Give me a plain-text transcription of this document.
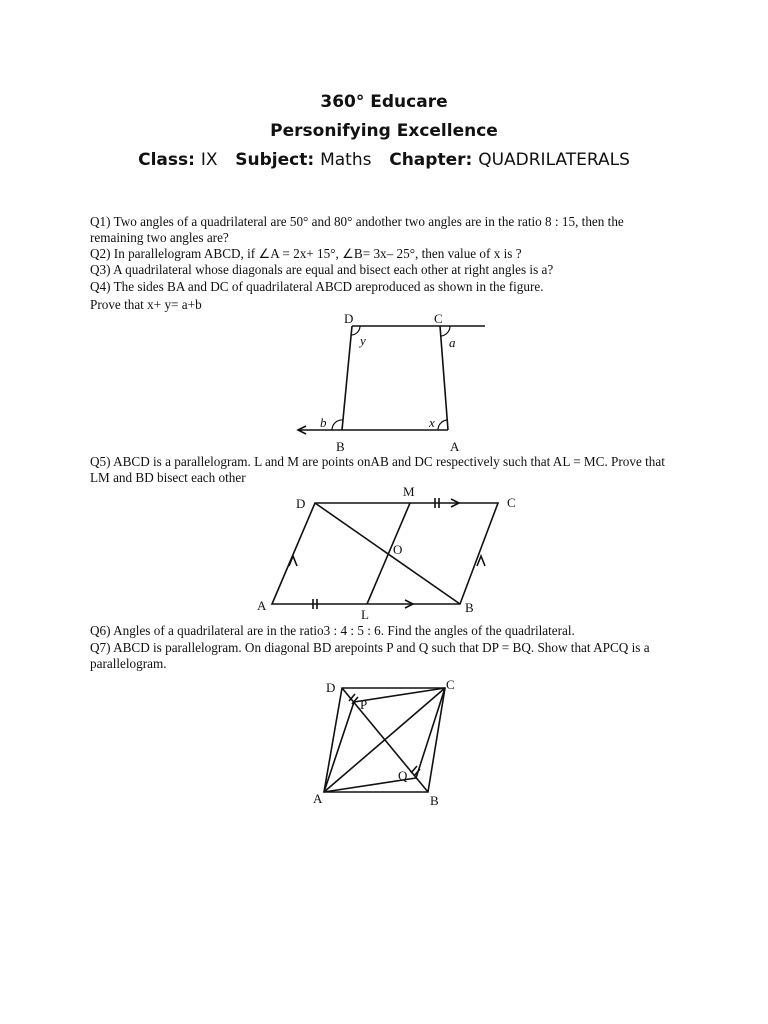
360° Educare
Personifying Excellence
Class: IX Subject: Maths Chapter: QUADRILATERALS
Q1) Two angles of a quadrilateral are 50° and 80° andother two angles are in the ratio 8 : 15, then the remaining two angles are?
Q2) In parallelogram ABCD, if ∠A = 2x+ 15°, ∠B= 3x– 25°, then value of x is ?
Q3) A quadrilateral whose diagonals are equal and bisect each other at right angles is a?
Q4) The sides BA and DC of quadrilateral ABCD areproduced as shown in the figure.
Prove that x+ y= a+b
D	C
y	a
b	x
B	A
Q5) ABCD is a parallelogram. L and M are points onAB and DC respectively such that AL = MC. Prove that LM and BD bisect each other
D
M
C
O
A
L	B
Q6) Angles of a quadrilateral are in the ratio3 : 4 : 5 : 6. Find the angles of the quadrilateral.
Q7) ABCD is parallelogram. On diagonal BD arepoints P and Q such that DP = BQ. Show that APCQ is a parallelogram.
D	C
P
Q
A	B
